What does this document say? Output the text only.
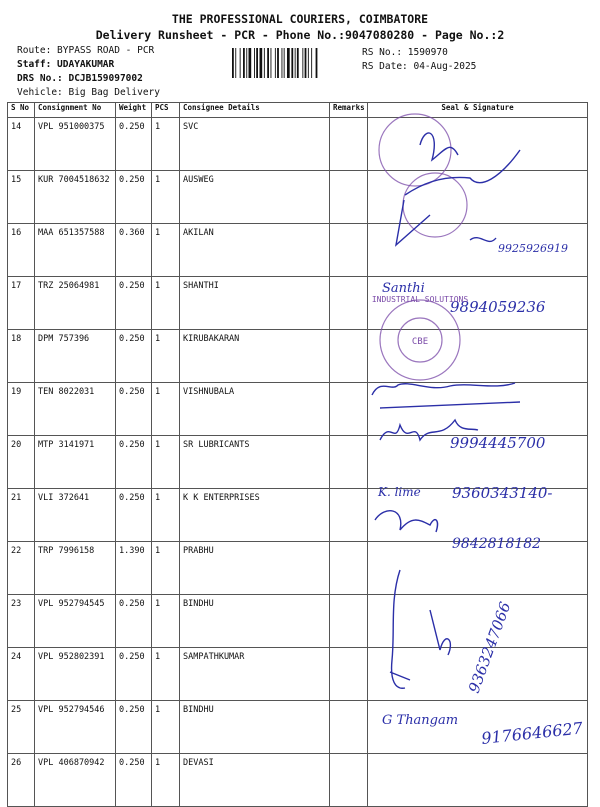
THE PROFESSIONAL COURIERS, COIMBATORE
Delivery Runsheet - PCR - Phone No.:9047080280 - Page No.:2
Route: BYPASS ROAD - PCR
Staff: UDAYAKUMAR
DRS No.: DCJB159097002
Vehicle: Big Bag Delivery
RS No.: 1590970
RS Date: 04-Aug-2025
S No	Consignment No	Weight	PCS	Consignee Details	Remarks	Seal & Signature
14	VPL 951000375	0.250	1	SVC		
15	KUR 7004518632	0.250	1	AUSWEG		
16	MAA 651357588	0.360	1	AKILAN		
17	TRZ 25064981	0.250	1	SHANTHI		
18	DPM 757396	0.250	1	KIRUBAKARAN		
19	TEN 8022031	0.250	1	VISHNUBALA		
20	MTP 3141971	0.250	1	SR LUBRICANTS		
21	VLI 372641	0.250	1	K K ENTERPRISES		
22	TRP 7996158	1.390	1	PRABHU		
23	VPL 952794545	0.250	1	BINDHU		
24	VPL 952802391	0.250	1	SAMPATHKUMAR		
25	VPL 952794546	0.250	1	BINDHU		
26	VPL 406870942	0.250	1	DEVASI		
9925926919
Santhi
9894059236
INDUSTRIAL SOLUTIONS
CBE
9994445700
K. lime 9360343140-
9842818182
9363247066
G Thangam 9176646627
